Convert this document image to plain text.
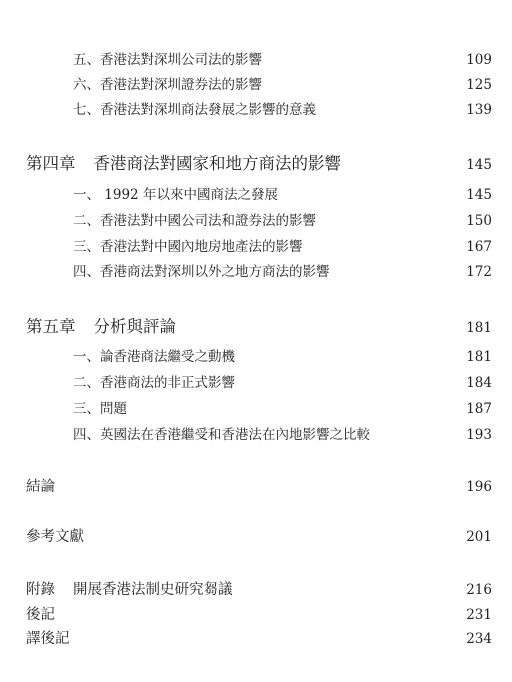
五、香港法對深圳公司法的影響	109
六、香港法對深圳證券法的影響	125
七、香港法對深圳商法發展之影響的意義	139
第四章 香港商法對國家和地方商法的影響	145
一、 1992 年以來中國商法之發展	145
二、香港法對中國公司法和證券法的影響	150
三、香港法對中國內地房地產法的影響	167
四、香港商法對深圳以外之地方商法的影響	172
第五章 分析與評論	181
一、論香港商法繼受之動機	181
二、香港商法的非正式影響	184
三、問題	187
四、英國法在香港繼受和香港法在內地影響之比較	193
結論	196
參考文獻	201
附錄 開展香港法制史研究芻議	216
後記	231
譯後記	234
